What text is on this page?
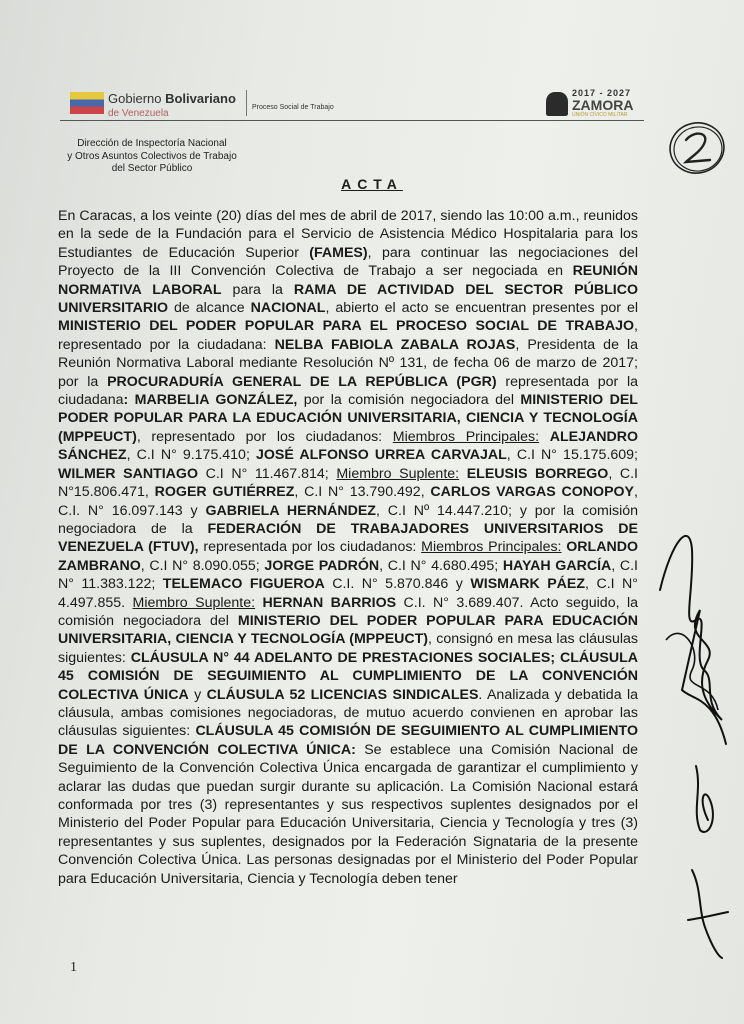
Gobierno Bolivariano
de Venezuela
Proceso Social de Trabajo
2017 - 2027
ZAMORA
UNIÓN CÍVICO MILITAR
Dirección de Inspectoría Nacional
y Otros Asuntos Colectivos de Trabajo
del Sector Público
ACTA
En Caracas, a los veinte (20) días del mes de abril de 2017, siendo las 10:00 a.m., reunidos en la sede de la Fundación para el Servicio de Asistencia Médico Hospitalaria para los Estudiantes de Educación Superior (FAMES), para continuar las negociaciones del Proyecto de la III Convención Colectiva de Trabajo a ser negociada en REUNIÓN NORMATIVA LABORAL para la RAMA DE ACTIVIDAD DEL SECTOR PÚBLICO UNIVERSITARIO de alcance NACIONAL, abierto el acto se encuentran presentes por el MINISTERIO DEL PODER POPULAR PARA EL PROCESO SOCIAL DE TRABAJO, representado por la ciudadana: NELBA FABIOLA ZABALA ROJAS, Presidenta de la Reunión Normativa Laboral mediante Resolución Nº 131, de fecha 06 de marzo de 2017; por la PROCURADURÍA GENERAL DE LA REPÚBLICA (PGR) representada por la ciudadana: MARBELIA GONZÁLEZ, por la comisión negociadora del MINISTERIO DEL PODER POPULAR PARA LA EDUCACIÓN UNIVERSITARIA, CIENCIA Y TECNOLOGÍA (MPPEUCT), representado por los ciudadanos: Miembros Principales: ALEJANDRO SÁNCHEZ, C.I N° 9.175.410; JOSÉ ALFONSO URREA CARVAJAL, C.I N° 15.175.609; WILMER SANTIAGO C.I N° 11.467.814; Miembro Suplente: ELEUSIS BORREGO, C.I N°15.806.471, ROGER GUTIÉRREZ, C.I N° 13.790.492, CARLOS VARGAS CONOPOY, C.I. N° 16.097.143 y GABRIELA HERNÁNDEZ, C.I Nº 14.447.210; y por la comisión negociadora de la FEDERACIÓN DE TRABAJADORES UNIVERSITARIOS DE VENEZUELA (FTUV), representada por los ciudadanos: Miembros Principales: ORLANDO ZAMBRANO, C.I N° 8.090.055; JORGE PADRÓN, C.I N° 4.680.495; HAYAH GARCÍA, C.I N° 11.383.122; TELEMACO FIGUEROA C.I. N° 5.870.846 y WISMARK PÁEZ, C.I N° 4.497.855. Miembro Suplente: HERNAN BARRIOS C.I. N° 3.689.407. Acto seguido, la comisión negociadora del MINISTERIO DEL PODER POPULAR PARA EDUCACIÓN UNIVERSITARIA, CIENCIA Y TECNOLOGÍA (MPPEUCT), consignó en mesa las cláusulas siguientes: CLÁUSULA N° 44 ADELANTO DE PRESTACIONES SOCIALES; CLÁUSULA 45 COMISIÓN DE SEGUIMIENTO AL CUMPLIMIENTO DE LA CONVENCIÓN COLECTIVA ÚNICA y CLÁUSULA 52 LICENCIAS SINDICALES. Analizada y debatida la cláusula, ambas comisiones negociadoras, de mutuo acuerdo convienen en aprobar las cláusulas siguientes: CLÁUSULA 45 COMISIÓN DE SEGUIMIENTO AL CUMPLIMIENTO DE LA CONVENCIÓN COLECTIVA ÚNICA: Se establece una Comisión Nacional de Seguimiento de la Convención Colectiva Única encargada de garantizar el cumplimiento y aclarar las dudas que puedan surgir durante su aplicación. La Comisión Nacional estará conformada por tres (3) representantes y sus respectivos suplentes designados por el Ministerio del Poder Popular para Educación Universitaria, Ciencia y Tecnología y tres (3) representantes y sus suplentes, designados por la Federación Signataria de la presente Convención Colectiva Única. Las personas designadas por el Ministerio del Poder Popular para Educación Universitaria, Ciencia y Tecnología deben tener
1
